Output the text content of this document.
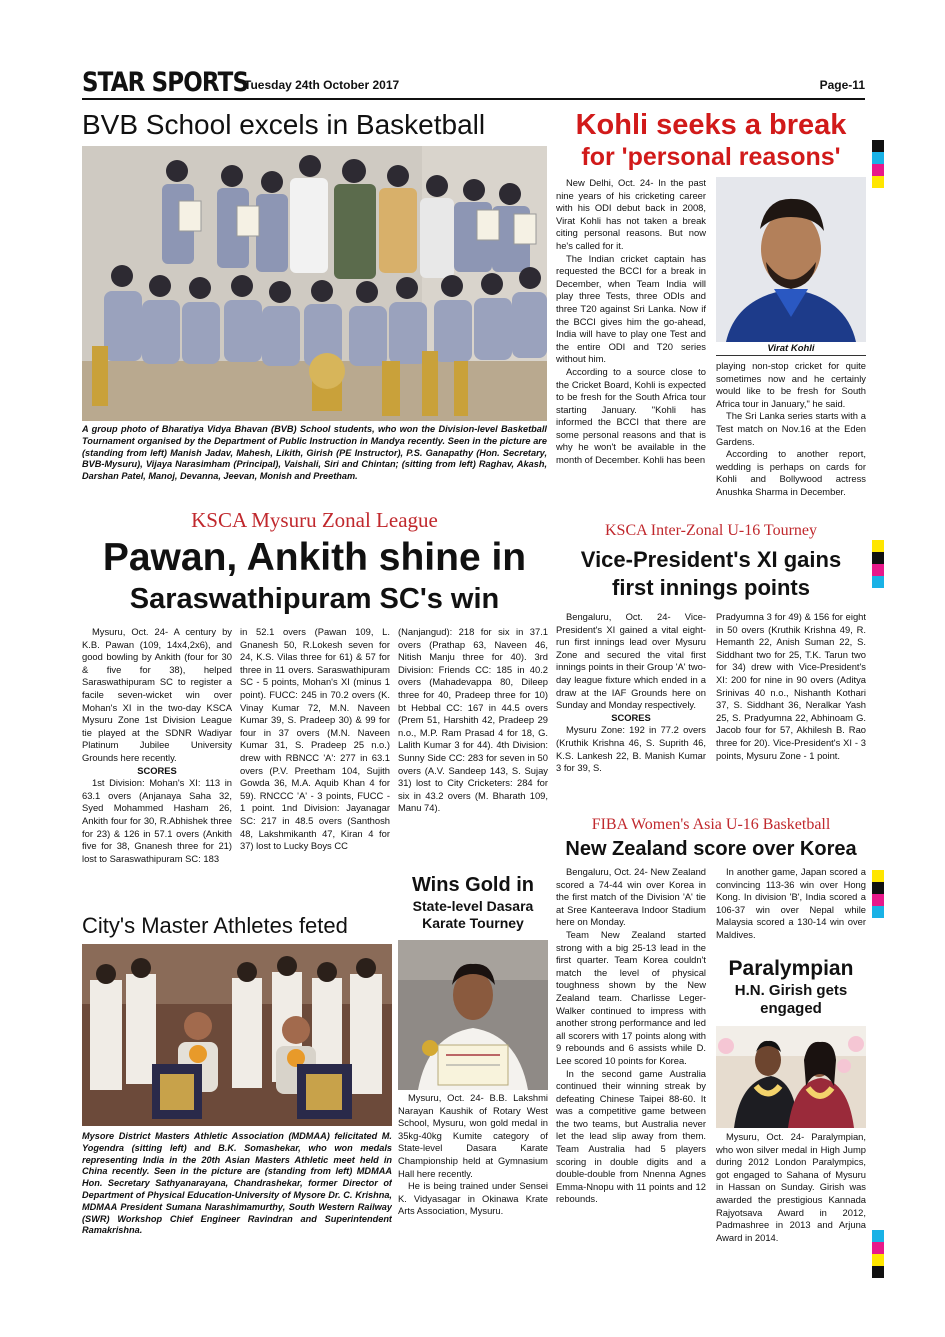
STAR SPORTS
Tuesday 24th October 2017	Page-11
BVB School excels in Basketball
A group photo of Bharatiya Vidya Bhavan (BVB) School students, who won the Division-level Basketball Tournament organised by the Department of Public Instruction in Mandya recently. Seen in the picture are (standing from left) Manish Jadav, Mahesh, Likith, Girish (PE Instructor), P.S. Ganapathy (Hon. Secretary, BVB-Mysuru), Vijaya Narasimham (Principal), Vaishali, Siri and Chintan; (sitting from left) Raghav, Akash, Darshan Patel, Manoj, Devanna, Jeevan, Monish and Preetham.
Kohli seeks a break
for 'personal reasons'

New Delhi, Oct. 24- In the past nine years of his cricketing career with his ODI debut back in 2008, Virat Kohli has not taken a break citing personal reasons. But now he's called for it.

The Indian cricket captain has requested the BCCI for a break in December, when Team India will play three Tests, three ODIs and three T20 against Sri Lanka. Now if the BCCI gives him the go-ahead, India will have to play one Test and the entire ODI and T20 series without him.

According to a source close to the Cricket Board, Kohli is expected to be fresh for the South Africa tour starting January. "Kohli has informed the BCCI that there are some personal reasons and that is why he won't be available in the month of December. Kohli has been

Virat Kohli

playing non-stop cricket for quite sometimes now and he certainly would like to be fresh for South Africa tour in January," he said.

The Sri Lanka series starts with a Test match on Nov.16 at the Eden Gardens.

According to another report, wedding is perhaps on cards for Kohli and Bollywood actress Anushka Sharma in December.

KSCA Mysuru Zonal League
Pawan, Ankith shine in
Saraswathipuram SC's win

Mysuru, Oct. 24- A century by K.B. Pawan (109, 14x4,2x6), and good bowling by Ankith (four for 30 & five for 38), helped Saraswathipuram SC to register a facile seven-wicket win over Mohan's XI in the two-day KSCA Mysuru Zone 1st Division League tie played at the SDNR Wadiyar Platinum Jubilee University Grounds here recently.

SCORES

1st Division: Mohan's XI: 113 in 63.1 overs (Anjanaya Saha 32, Syed Mohammed Hasham 26, Ankith four for 30, R.Abhishek three for 23) & 126 in 57.1 overs (Ankith five for 38, Gnanesh three for 21) lost to Saraswathipuram SC: 183

in 52.1 overs (Pawan 109, L. Gnanesh 50, R.Lokesh seven for 24, K.S. Vilas three for 61) & 57 for three in 11 overs. Saraswathipuram SC - 5 points, Mohan's XI (minus 1 point). FUCC: 245 in 70.2 overs (K. Vinay Kumar 72, M.N. Naveen Kumar 39, S. Pradeep 30) & 99 for four in 37 overs (M.N. Naveen Kumar 31, S. Pradeep 25 n.o.) drew with RBNCC 'A': 277 in 63.1 overs (P.V. Preetham 104, Sujith Gowda 36, M.A. Aquib Khan 4 for 59). RNCCC 'A' - 3 points, FUCC - 1 point. 1nd Division: Jayanagar SC: 217 in 48.5 overs (Santhosh 48, Lakshmikanth 47, Kiran 4 for 37) lost to Lucky Boys CC

(Nanjangud): 218 for six in 37.1 overs (Prathap 63, Naveen 46, Nitish Manju three for 40). 3rd Division: Friends CC: 185 in 40.2 overs (Mahadevappa 80, Dileep three for 40, Pradeep three for 10) bt Hebbal CC: 167 in 44.5 overs (Prem 51, Harshith 42, Pradeep 29 n.o., M.P. Ram Prasad 4 for 18, G. Lalith Kumar 3 for 44). 4th Division: Sunny Side CC: 283 for seven in 50 overs (A.V. Sandeep 143, S. Sujay 31) lost to City Cricketers: 284 for six in 43.2 overs (M. Bharath 109, Manu 74).

City's Master Athletes feted
Mysore District Masters Athletic Association (MDMAA) felicitated M. Yogendra (sitting left) and B.K. Somashekar, who won medals representing India in the 20th Asian Masters Athletic meet held in China recently. Seen in the picture are (standing from left) MDMAA Hon. Secretary Sathyanarayana, Chandrashekar, former Director of Department of Physical Education-University of Mysore Dr. C. Krishna, MDMAA President Sumana Narashimamurthy, South Western Railway (SWR) Workshop Chief Engineer Ravindran and Superintendent Ramakrishna.
Wins Gold in
State-level Dasara Karate Tourney

Mysuru, Oct. 24- B.B. Lakshmi Narayan Kaushik of Rotary West School, Mysuru, won gold medal in 35kg-40kg Kumite category of State-level Dasara Karate Championship held at Gymnasium Hall here recently.

He is being trained under Sensei K. Vidyasagar in Okinawa Krate Arts Association, Mysuru.

KSCA Inter-Zonal U-16 Tourney
Vice-President's XI gains
first innings points

Bengaluru, Oct. 24- Vice-President's XI gained a vital eight-run first innings lead over Mysuru Zone and secured the vital first innings points in their Group 'A' two-day league fixture which ended in a draw at the IAF Grounds here on Sunday and Monday respectively.

SCORES

Mysuru Zone: 192 in 77.2 overs (Kruthik Krishna 46, S. Suprith 46, K.S. Lankesh 22, B. Manish Kumar 3 for 39, S.

Pradyumna 3 for 49) & 156 for eight in 50 overs (Kruthik Krishna 49, R. Hemanth 22, Anish Suman 22, S. Siddhant two for 25, T.K. Tarun two for 34) drew with Vice-President's XI: 200 for nine in 90 overs (Aditya Srinivas 40 n.o., Nishanth Kothari 37, S. Siddhant 36, Neralkar Yash 25, S. Pradyumna 22, Abhinoam G. Jacob four for 57, Akhilesh B. Rao three for 20). Vice-President's XI - 3 points, Mysuru Zone - 1 point.

FIBA Women's Asia U-16 Basketball
New Zealand score over Korea

Bengaluru, Oct. 24- New Zealand scored a 74-44 win over Korea in the first match of the Division 'A' tie at Sree Kanteerava Indoor Stadium here on Monday.

Team New Zealand started strong with a big 25-13 lead in the first quarter. Team Korea couldn't match the level of physical toughness shown by the New Zealand team. Charlisse Leger-Walker continued to impress with another strong performance and led all scorers with 17 points along with 9 rebounds and 6 assists while D. Lee scored 10 points for Korea.

In the second game Australia continued their winning streak by defeating Chinese Taipei 88-60. It was a competitive game between the two teams, but Australia never let the lead slip away from them. Team Australia had 5 players scoring in double digits and a double-double from Nnenna Agnes Emma-Nnopu with 11 points and 12 rebounds.

In another game, Japan scored a convincing 113-36 win over Hong Kong. In division 'B', India scored a 106-37 win over Nepal while Malaysia scored a 130-14 win over Maldives.

Paralympian
H.N. Girish gets engaged

Mysuru, Oct. 24- Paralympian, who won silver medal in High Jump during 2012 London Paralympics, got engaged to Sahana of Mysuru in Hassan on Sunday. Girish was awarded the prestigious Kannada Rajyotsava Award in 2012, Padmashree in 2013 and Arjuna Award in 2014.
